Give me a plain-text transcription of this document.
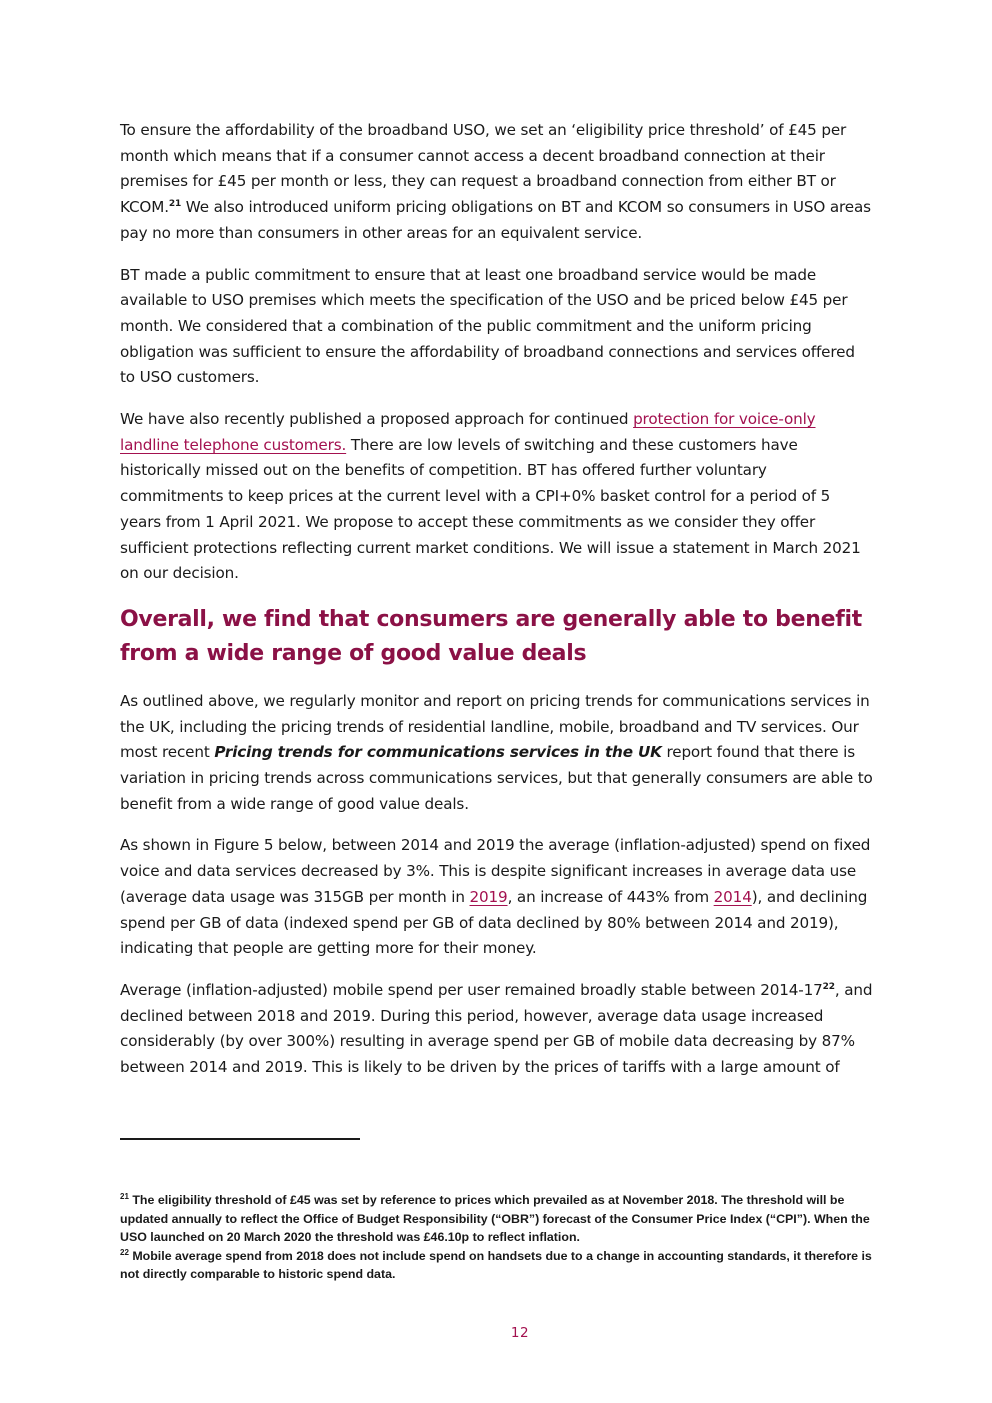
To ensure the affordability of the broadband USO, we set an ‘eligibility price threshold’ of £45 per month which means that if a consumer cannot access a decent broadband connection at their premises for £45 per month or less, they can request a broadband connection from either BT or KCOM.$^{21}$ We also introduced uniform pricing obligations on BT and KCOM so consumers in USO areas pay no more than consumers in other areas for an equivalent service.

BT made a public commitment to ensure that at least one broadband service would be made available to USO premises which meets the specification of the USO and be priced below £45 per month. We considered that a combination of the public commitment and the uniform pricing obligation was sufficient to ensure the affordability of broadband connections and services offered to USO customers.

We have also recently published a proposed approach for continued protection for voice-only landline telephone customers. There are low levels of switching and these customers have historically missed out on the benefits of competition. BT has offered further voluntary commitments to keep prices at the current level with a CPI+0% basket control for a period of 5 years from 1 April 2021. We propose to accept these commitments as we consider they offer sufficient protections reflecting current market conditions. We will issue a statement in March 2021 on our decision.

Overall, we find that consumers are generally able to benefit from a wide range of good value deals

As outlined above, we regularly monitor and report on pricing trends for communications services in the UK, including the pricing trends of residential landline, mobile, broadband and TV services. Our most recent Pricing trends for communications services in the UK report found that there is variation in pricing trends across communications services, but that generally consumers are able to benefit from a wide range of good value deals.

As shown in Figure 5 below, between 2014 and 2019 the average (inflation-adjusted) spend on fixed voice and data services decreased by 3%. This is despite significant increases in average data use (average data usage was 315GB per month in 2019, an increase of 443% from 2014), and declining spend per GB of data (indexed spend per GB of data declined by 80% between 2014 and 2019), indicating that people are getting more for their money.

Average (inflation-adjusted) mobile spend per user remained broadly stable between $2014-17^{22}$, and declined between 2018 and 2019. During this period, however, average data usage increased considerably (by over 300%) resulting in average spend per GB of mobile data decreasing by 87% between 2014 and 2019. This is likely to be driven by the prices of tariffs with a large amount of

$^{21}$ The eligibility threshold of £45 was set by reference to prices which prevailed as at November 2018. The threshold will be updated annually to reflect the Office of Budget Responsibility (“OBR”) forecast of the Consumer Price Index (“CPI”). When the USO launched on 20 March 2020 the threshold was £46.10p to reflect inflation.

$^{22}$ Mobile average spend from 2018 does not include spend on handsets due to a change in accounting standards, it therefore is not directly comparable to historic spend data.

12
